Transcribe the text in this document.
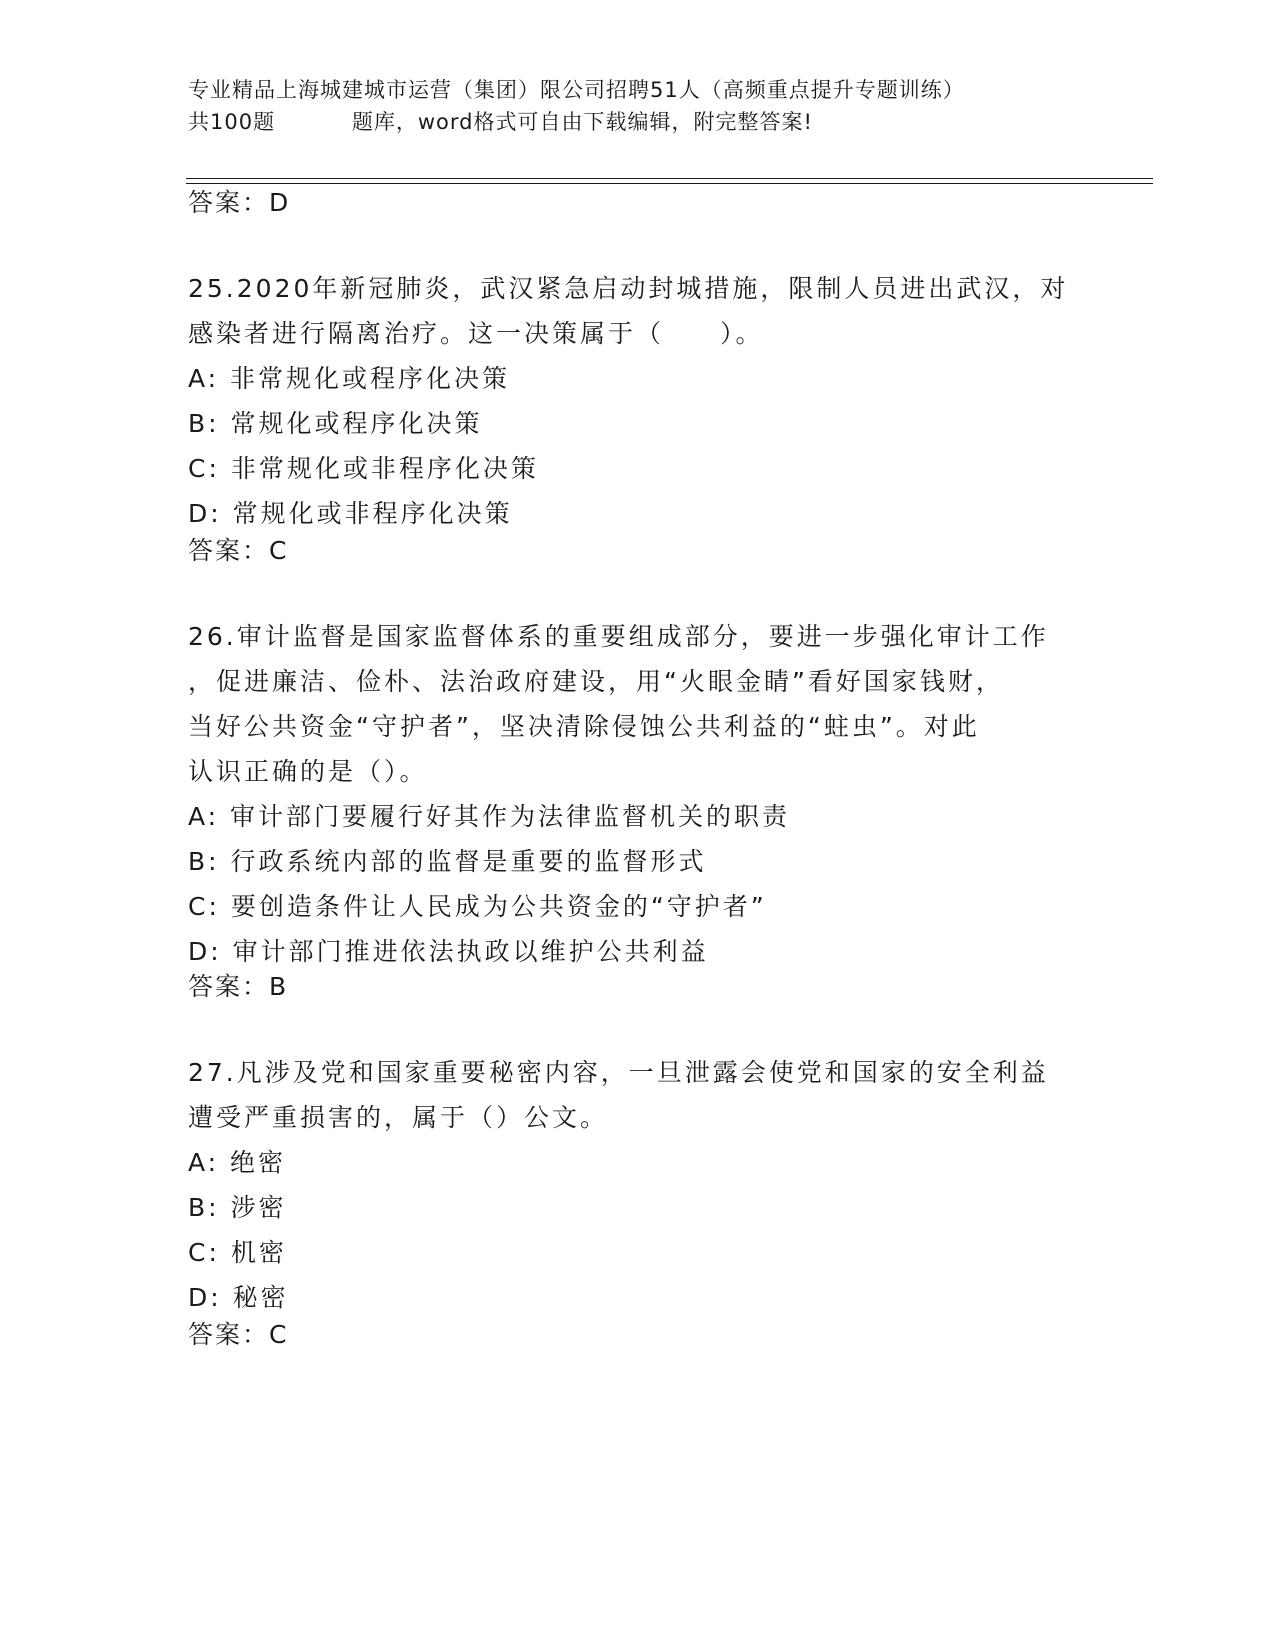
专业精品上海城建城市运营（集团）限公司招聘51人（高频重点提升专题训练）
共100题          题库，word格式可自由下载编辑，附完整答案!
答案：D
25.2020年新冠肺炎，武汉紧急启动封城措施，限制人员进出武汉，对
感染者进行隔离治疗。这一决策属于（　　）。
A: 非常规化或程序化决策
B: 常规化或程序化决策
C: 非常规化或非程序化决策
D: 常规化或非程序化决策
答案：C
26.审计监督是国家监督体系的重要组成部分，要进一步强化审计工作
，促进廉洁、俭朴、法治政府建设，用“火眼金睛”看好国家钱财，
当好公共资金“守护者”，坚决清除侵蚀公共利益的“蛀虫”。对此
认识正确的是（）。
A: 审计部门要履行好其作为法律监督机关的职责
B: 行政系统内部的监督是重要的监督形式
C: 要创造条件让人民成为公共资金的“守护者”
D: 审计部门推进依法执政以维护公共利益
答案：B
27.凡涉及党和国家重要秘密内容，一旦泄露会使党和国家的安全利益
遭受严重损害的，属于（）公文。
A: 绝密
B: 涉密
C: 机密
D: 秘密
答案：C
